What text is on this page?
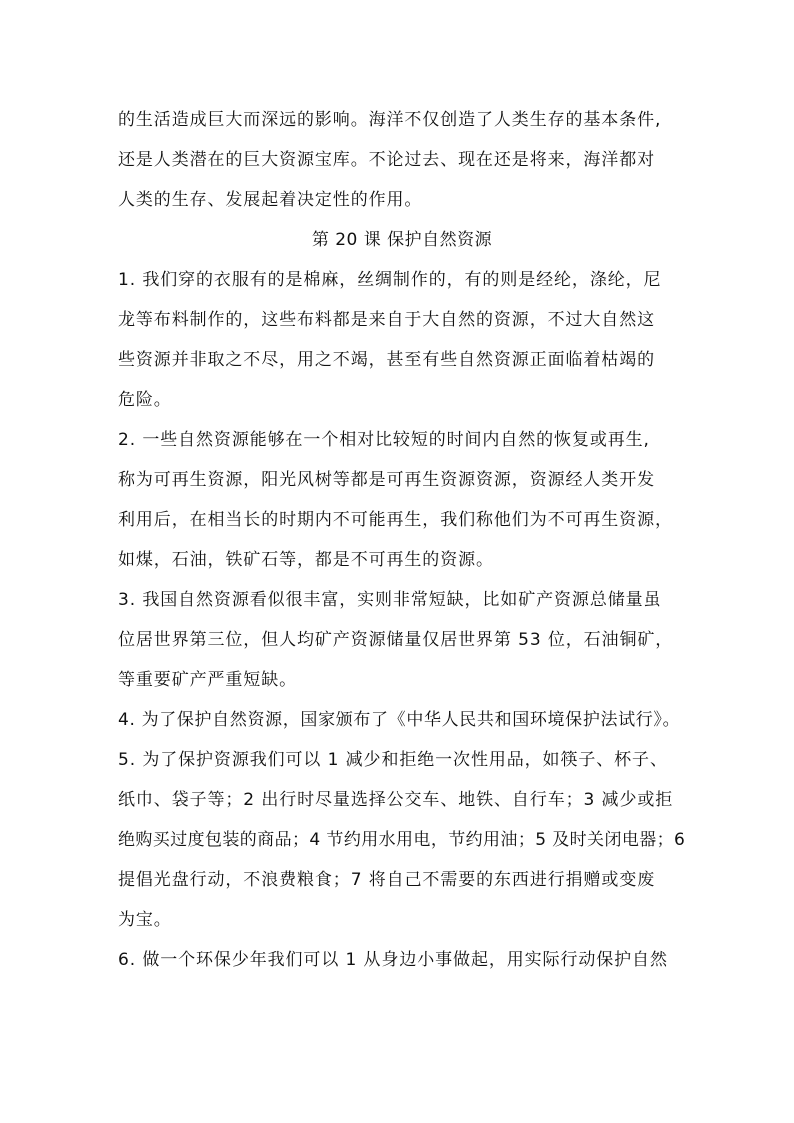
的生活造成巨大而深远的影响。海洋不仅创造了人类生存的基本条件,
还是人类潜在的巨大资源宝库。不论过去、现在还是将来，海洋都对
人类的生存、发展起着决定性的作用。
第 20 课 保护自然资源
1. 我们穿的衣服有的是棉麻，丝绸制作的，有的则是经纶，涤纶，尼
龙等布料制作的，这些布料都是来自于大自然的资源，不过大自然这
些资源并非取之不尽，用之不竭，甚至有些自然资源正面临着枯竭的
危险。
2. 一些自然资源能够在一个相对比较短的时间内自然的恢复或再生,
称为可再生资源，阳光风树等都是可再生资源资源，资源经人类开发
利用后，在相当长的时期内不可能再生，我们称他们为不可再生资源，
如煤，石油，铁矿石等，都是不可再生的资源。
3. 我国自然资源看似很丰富，实则非常短缺，比如矿产资源总储量虽
位居世界第三位，但人均矿产资源储量仅居世界第 53 位，石油铜矿，
等重要矿产严重短缺。
4. 为了保护自然资源，国家颁布了《中华人民共和国环境保护法试行》。
5. 为了保护资源我们可以 1 减少和拒绝一次性用品，如筷子、杯子、
纸巾、袋子等；2 出行时尽量选择公交车、地铁、自行车；3 减少或拒
绝购买过度包装的商品；4 节约用水用电，节约用油；5 及时关闭电器；6
提倡光盘行动，不浪费粮食；7 将自己不需要的东西进行捐赠或变废
为宝。
6. 做一个环保少年我们可以 1 从身边小事做起，用实际行动保护自然
